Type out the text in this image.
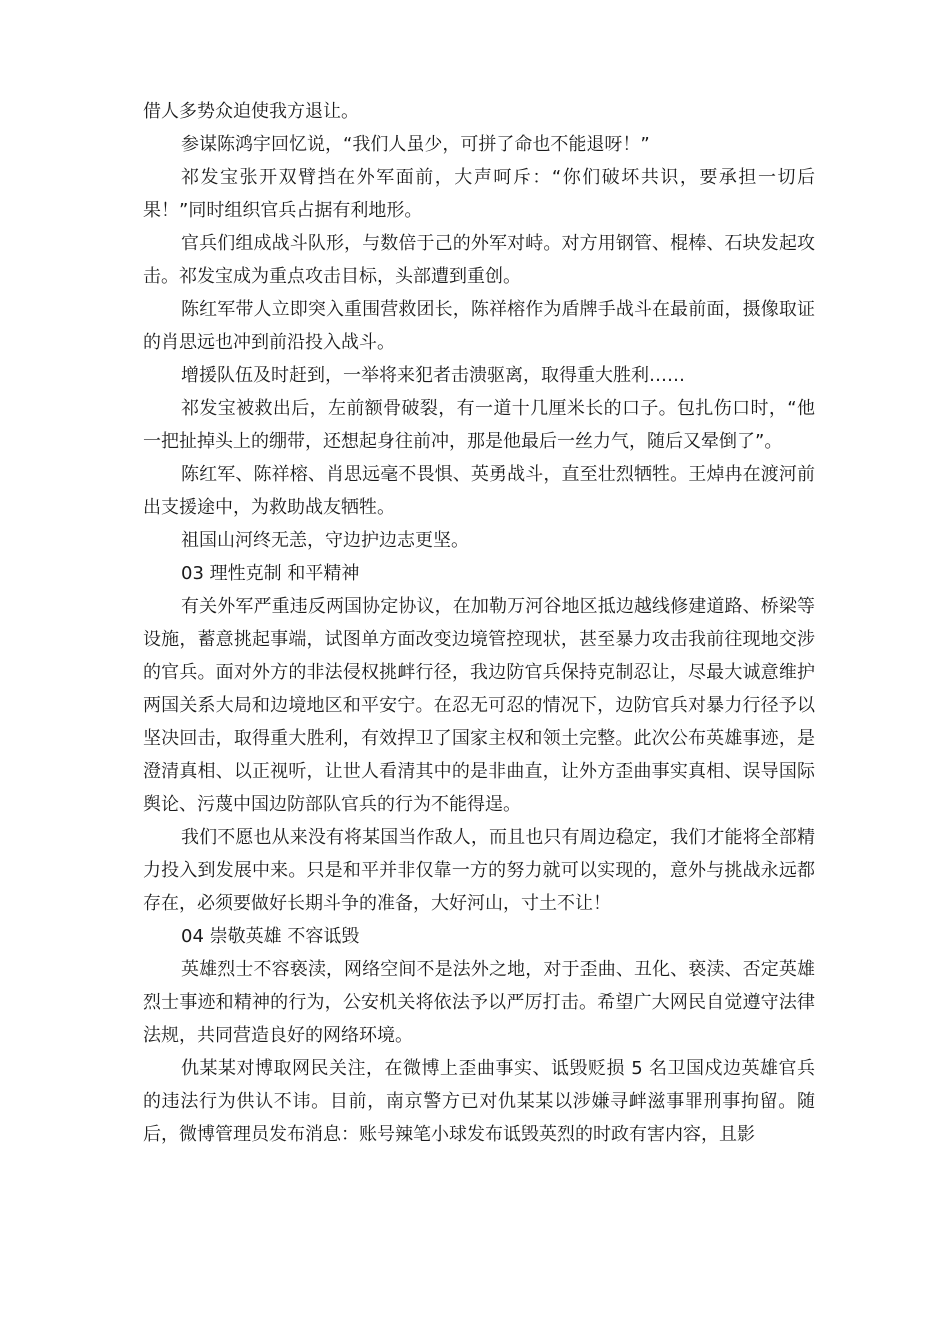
借人多势众迫使我方退让。

参谋陈鸿宇回忆说，“我们人虽少，可拼了命也不能退呀！”

祁发宝张开双臂挡在外军面前，大声呵斥：“你们破坏共识，要承担一切后果！”同时组织官兵占据有利地形。

官兵们组成战斗队形，与数倍于己的外军对峙。对方用钢管、棍棒、石块发起攻击。祁发宝成为重点攻击目标，头部遭到重创。

陈红军带人立即突入重围营救团长，陈祥榕作为盾牌手战斗在最前面，摄像取证的肖思远也冲到前沿投入战斗。

增援队伍及时赶到，一举将来犯者击溃驱离，取得重大胜利……

祁发宝被救出后，左前额骨破裂，有一道十几厘米长的口子。包扎伤口时，“他一把扯掉头上的绷带，还想起身往前冲，那是他最后一丝力气，随后又晕倒了”。

陈红军、陈祥榕、肖思远毫不畏惧、英勇战斗，直至壮烈牺牲。王焯冉在渡河前出支援途中，为救助战友牺牲。

祖国山河终无恙，守边护边志更坚。

03 理性克制 和平精神

有关外军严重违反两国协定协议，在加勒万河谷地区抵边越线修建道路、桥梁等设施，蓄意挑起事端，试图单方面改变边境管控现状，甚至暴力攻击我前往现地交涉的官兵。面对外方的非法侵权挑衅行径，我边防官兵保持克制忍让，尽最大诚意维护两国关系大局和边境地区和平安宁。在忍无可忍的情况下，边防官兵对暴力行径予以坚决回击，取得重大胜利，有效捍卫了国家主权和领土完整。此次公布英雄事迹，是澄清真相、以正视听，让世人看清其中的是非曲直，让外方歪曲事实真相、误导国际舆论、污蔑中国边防部队官兵的行为不能得逞。

我们不愿也从来没有将某国当作敌人，而且也只有周边稳定，我们才能将全部精力投入到发展中来。只是和平并非仅靠一方的努力就可以实现的，意外与挑战永远都存在，必须要做好长期斗争的准备，大好河山，寸土不让！

04 崇敬英雄 不容诋毁

英雄烈士不容亵渎，网络空间不是法外之地，对于歪曲、丑化、亵渎、否定英雄烈士事迹和精神的行为，公安机关将依法予以严厉打击。希望广大网民自觉遵守法律法规，共同营造良好的网络环境。

仇某某对博取网民关注，在微博上歪曲事实、诋毁贬损 5 名卫国戍边英雄官兵的违法行为供认不讳。目前，南京警方已对仇某某以涉嫌寻衅滋事罪刑事拘留。随后，微博管理员发布消息：账号辣笔小球发布诋毁英烈的时政有害内容，且影
